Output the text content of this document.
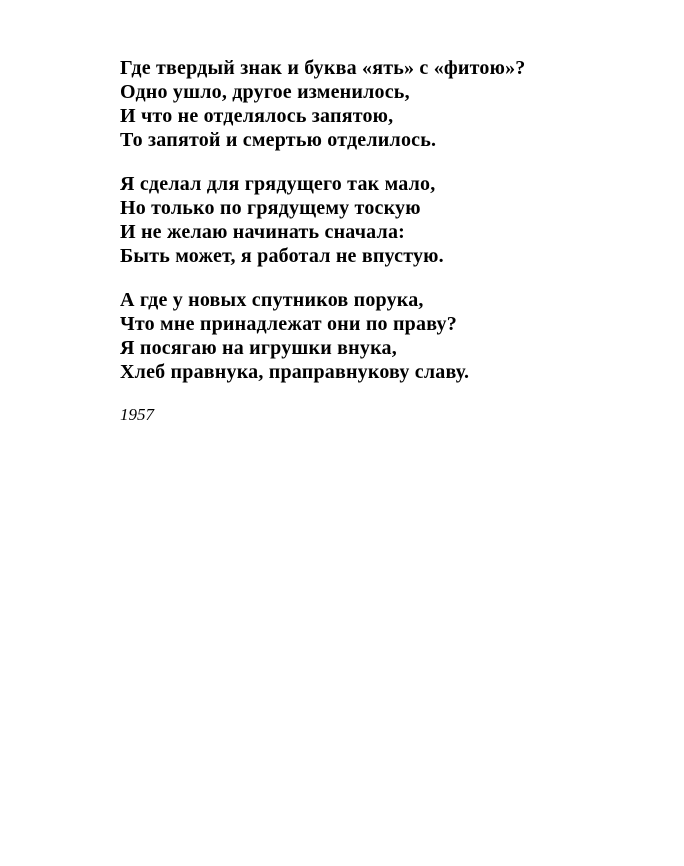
Где твердый знак и буква «ять» с «фитою»?
Одно ушло, другое изменилось,
И что не отделялось запятою,
То запятой и смертью отделилось.
Я сделал для грядущего так мало,
Но только по грядущему тоскую
И не желаю начинать сначала:
Быть может, я работал не впустую.
А где у новых спутников порука,
Что мне принадлежат они по праву?
Я посягаю на игрушки внука,
Хлеб правнука, праправнукову славу.
1957
